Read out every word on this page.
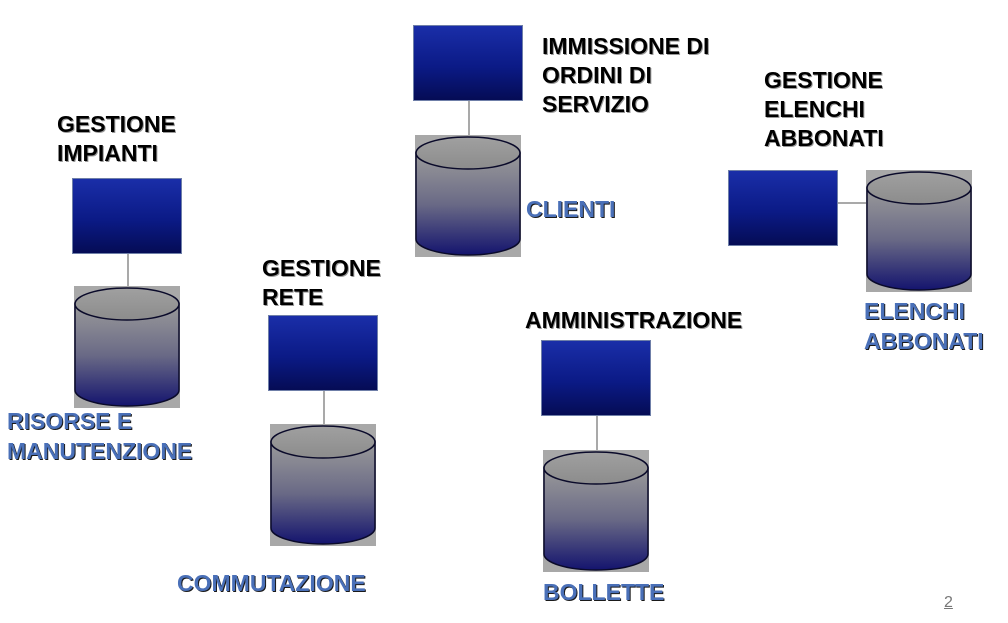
GESTIONE
IMPIANTI
RISORSE E
MANUTENZIONE
GESTIONE
RETE
COMMUTAZIONE
IMMISSIONE DI
ORDINI DI
SERVIZIO
CLIENTI
AMMINISTRAZIONE
BOLLETTE
GESTIONE
ELENCHI
ABBONATI
ELENCHI
ABBONATI
2
